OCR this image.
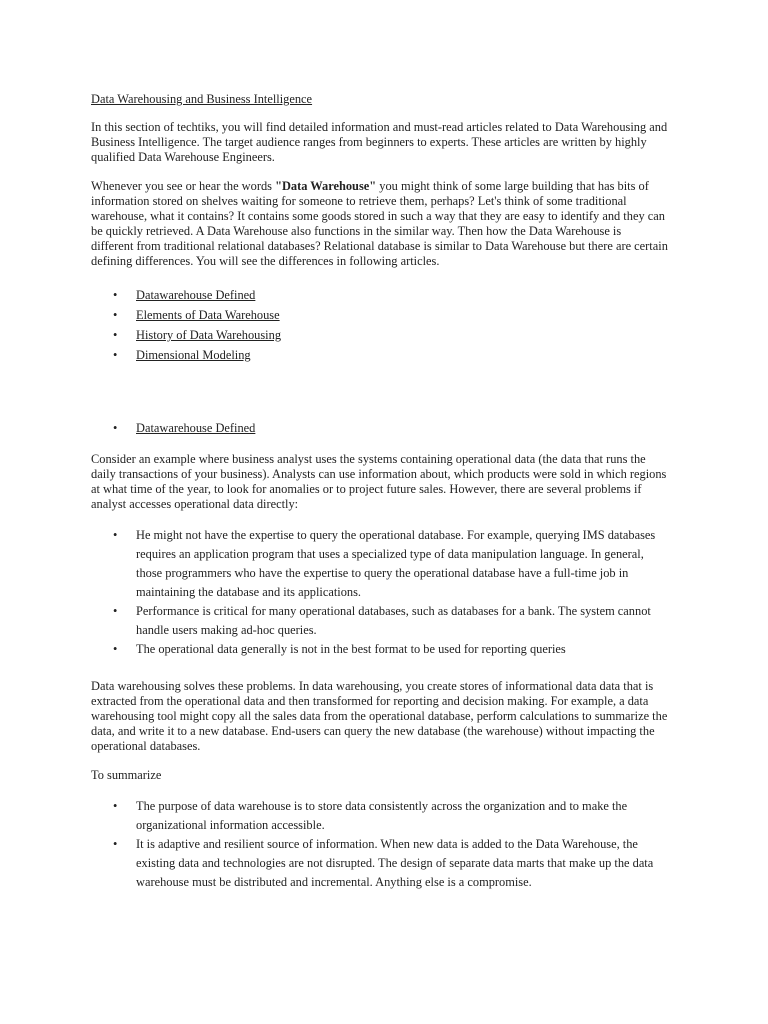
Data Warehousing and Business Intelligence

In this section of techtiks, you will find detailed information and must-read articles related to Data Warehousing and
Business Intelligence. The target audience ranges from beginners to experts. These articles are written by highly
qualified Data Warehouse Engineers.

Whenever you see or hear the words "Data Warehouse" you might think of some large building that has bits of
information stored on shelves waiting for someone to retrieve them, perhaps? Let's think of some traditional
warehouse, what it contains? It contains some goods stored in such a way that they are easy to identify and they can
be quickly retrieved. A Data Warehouse also functions in the similar way. Then how the Data Warehouse is
different from traditional relational databases? Relational database is similar to Data Warehouse but there are certain
defining differences. You will see the differences in following articles.

• Datawarehouse Defined
• Elements of Data Warehouse
• History of Data Warehousing
• Dimensional Modeling
• Datawarehouse Defined

Consider an example where business analyst uses the systems containing operational data (the data that runs the
daily transactions of your business). Analysts can use information about, which products were sold in which regions
at what time of the year, to look for anomalies or to project future sales. However, there are several problems if
analyst accesses operational data directly:

• He might not have the expertise to query the operational database. For example, querying IMS databases
requires an application program that uses a specialized type of data manipulation language. In general,
those programmers who have the expertise to query the operational database have a full-time job in
maintaining the database and its applications.
• Performance is critical for many operational databases, such as databases for a bank. The system cannot
handle users making ad-hoc queries.
• The operational data generally is not in the best format to be used for reporting queries

Data warehousing solves these problems. In data warehousing, you create stores of informational data data that is
extracted from the operational data and then transformed for reporting and decision making. For example, a data
warehousing tool might copy all the sales data from the operational database, perform calculations to summarize the
data, and write it to a new database. End-users can query the new database (the warehouse) without impacting the
operational databases.

To summarize

• The purpose of data warehouse is to store data consistently across the organization and to make the
organizational information accessible.
• It is adaptive and resilient source of information. When new data is added to the Data Warehouse, the
existing data and technologies are not disrupted. The design of separate data marts that make up the data
warehouse must be distributed and incremental. Anything else is a compromise.
